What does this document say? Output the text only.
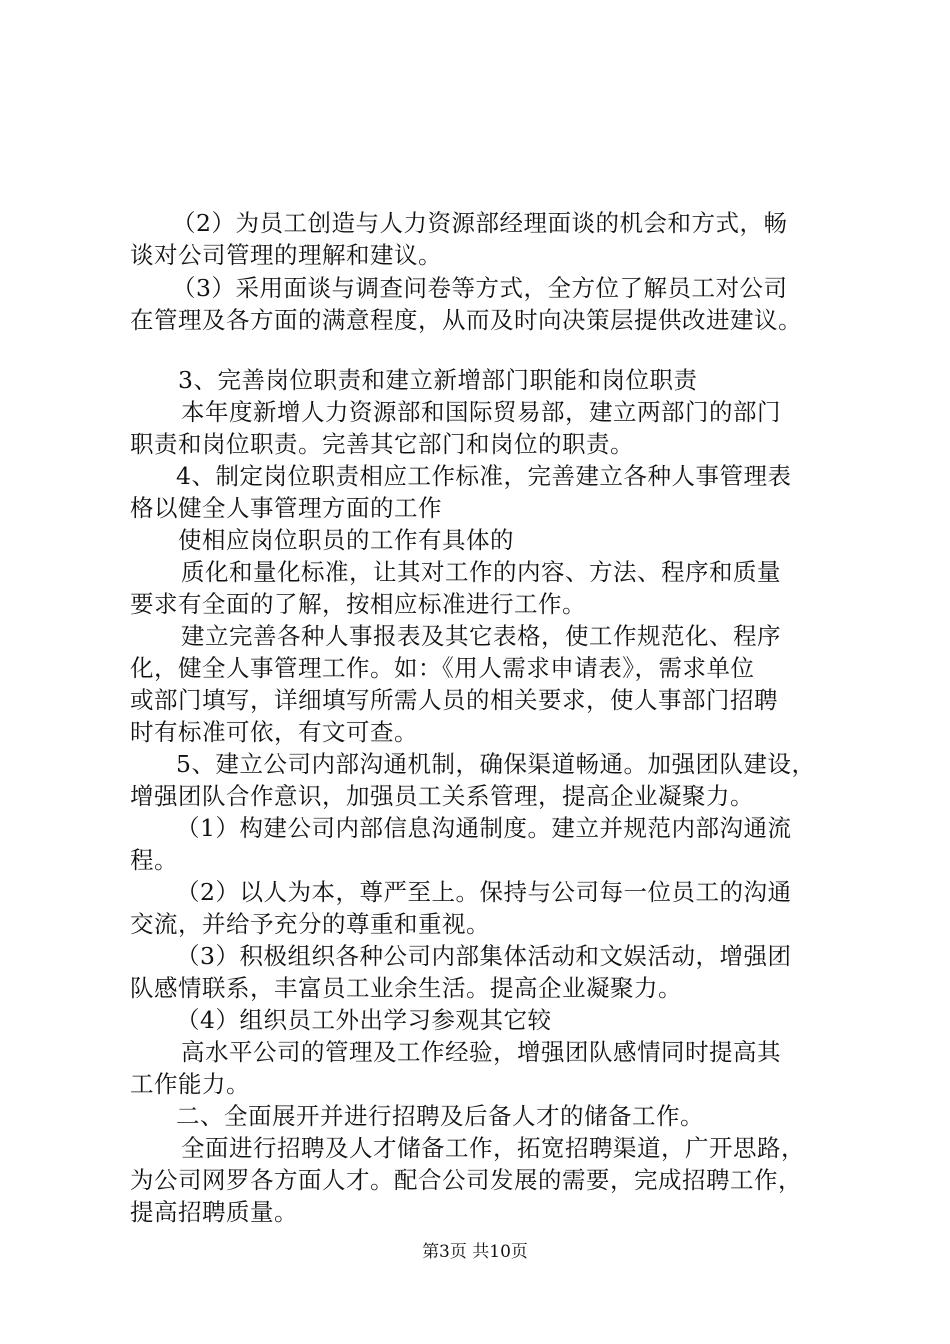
（2）为员工创造与人力资源部经理面谈的机会和方式，畅
谈对公司管理的理解和建议。
（3）采用面谈与调查问卷等方式，全方位了解员工对公司
在管理及各方面的满意程度，从而及时向决策层提供改进建议。
3、完善岗位职责和建立新增部门职能和岗位职责
本年度新增人力资源部和国际贸易部，建立两部门的部门
职责和岗位职责。完善其它部门和岗位的职责。
4、制定岗位职责相应工作标准，完善建立各种人事管理表
格以健全人事管理方面的工作
使相应岗位职员的工作有具体的
质化和量化标准，让其对工作的内容、方法、程序和质量
要求有全面的了解，按相应标准进行工作。
建立完善各种人事报表及其它表格，使工作规范化、程序
化，健全人事管理工作。如：《用人需求申请表》，需求单位
或部门填写，详细填写所需人员的相关要求，使人事部门招聘
时有标准可依，有文可查。
5、建立公司内部沟通机制，确保渠道畅通。加强团队建设，
增强团队合作意识，加强员工关系管理，提高企业凝聚力。
（1）构建公司内部信息沟通制度。建立并规范内部沟通流
程。
（2）以人为本，尊严至上。保持与公司每一位员工的沟通
交流，并给予充分的尊重和重视。
（3）积极组织各种公司内部集体活动和文娱活动，增强团
队感情联系，丰富员工业余生活。提高企业凝聚力。
（4）组织员工外出学习参观其它较
高水平公司的管理及工作经验，增强团队感情同时提高其
工作能力。
二、全面展开并进行招聘及后备人才的储备工作。
全面进行招聘及人才储备工作，拓宽招聘渠道，广开思路，
为公司网罗各方面人才。配合公司发展的需要，完成招聘工作，
提高招聘质量。
第3页 共10页
